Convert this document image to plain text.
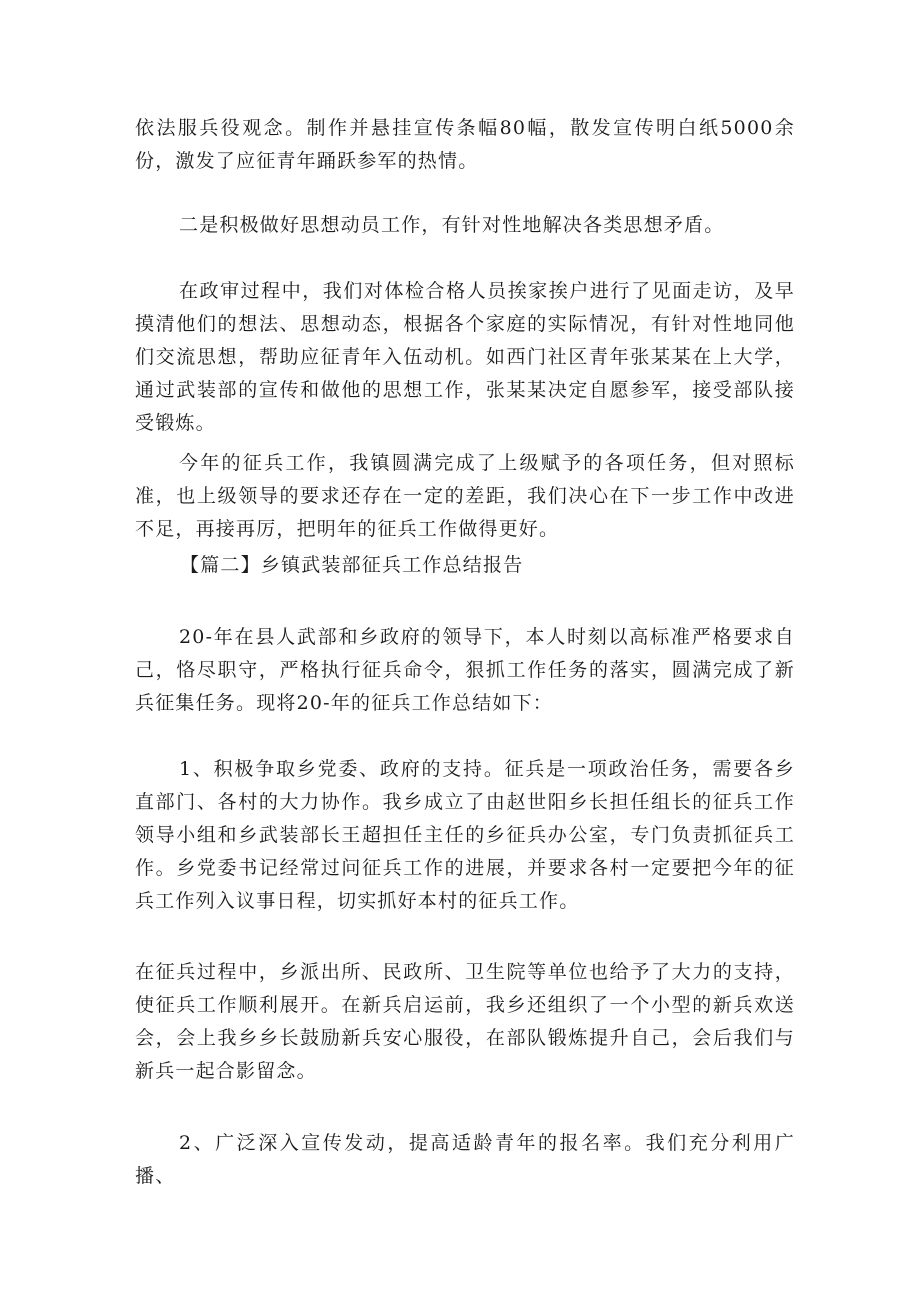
依法服兵役观念。制作并悬挂宣传条幅80幅，散发宣传明白纸5000余份，激发了应征青年踊跃参军的热情。

二是积极做好思想动员工作，有针对性地解决各类思想矛盾。

在政审过程中，我们对体检合格人员挨家挨户进行了见面走访，及早摸清他们的想法、思想动态，根据各个家庭的实际情况，有针对性地同他们交流思想，帮助应征青年入伍动机。如西门社区青年张某某在上大学，通过武装部的宣传和做他的思想工作，张某某决定自愿参军，接受部队接受锻炼。

今年的征兵工作，我镇圆满完成了上级赋予的各项任务，但对照标准，也上级领导的要求还存在一定的差距，我们决心在下一步工作中改进不足，再接再厉，把明年的征兵工作做得更好。

【篇二】乡镇武装部征兵工作总结报告

20-年在县人武部和乡政府的领导下，本人时刻以高标准严格要求自己，恪尽职守，严格执行征兵命令，狠抓工作任务的落实，圆满完成了新兵征集任务。现将20-年的征兵工作总结如下：

1、积极争取乡党委、政府的支持。征兵是一项政治任务，需要各乡直部门、各村的大力协作。我乡成立了由赵世阳乡长担任组长的征兵工作领导小组和乡武装部长王超担任主任的乡征兵办公室，专门负责抓征兵工作。乡党委书记经常过问征兵工作的进展，并要求各村一定要把今年的征兵工作列入议事日程，切实抓好本村的征兵工作。

在征兵过程中，乡派出所、民政所、卫生院等单位也给予了大力的支持，使征兵工作顺利展开。在新兵启运前，我乡还组织了一个小型的新兵欢送会，会上我乡乡长鼓励新兵安心服役，在部队锻炼提升自己，会后我们与新兵一起合影留念。

2、广泛深入宣传发动，提高适龄青年的报名率。我们充分利用广播、
